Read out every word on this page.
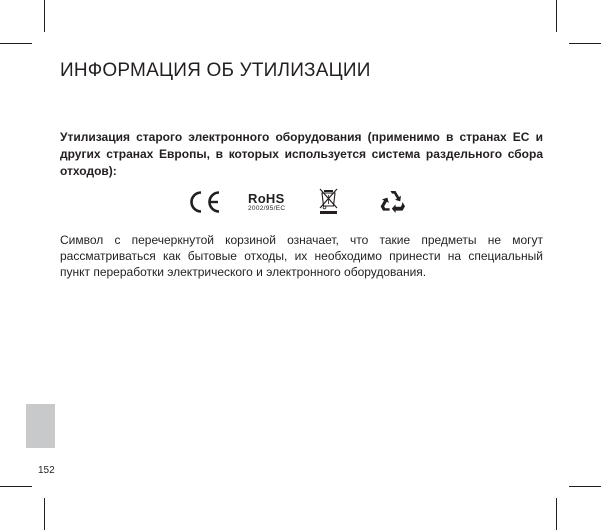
ИНФОРМАЦИЯ ОБ УТИЛИЗАЦИИ

Утилизация старого электронного оборудования (применимо в странах ЕС и других странах Европы, в которых используется система раздельного сбора отходов):

RoHS
2002/95/EC

Символ с перечеркнутой корзиной означает, что такие предметы не могут рассматриваться как бытовые отходы, их необходимо принести на специальный пункт переработки электрического и электронного оборудования.

152
